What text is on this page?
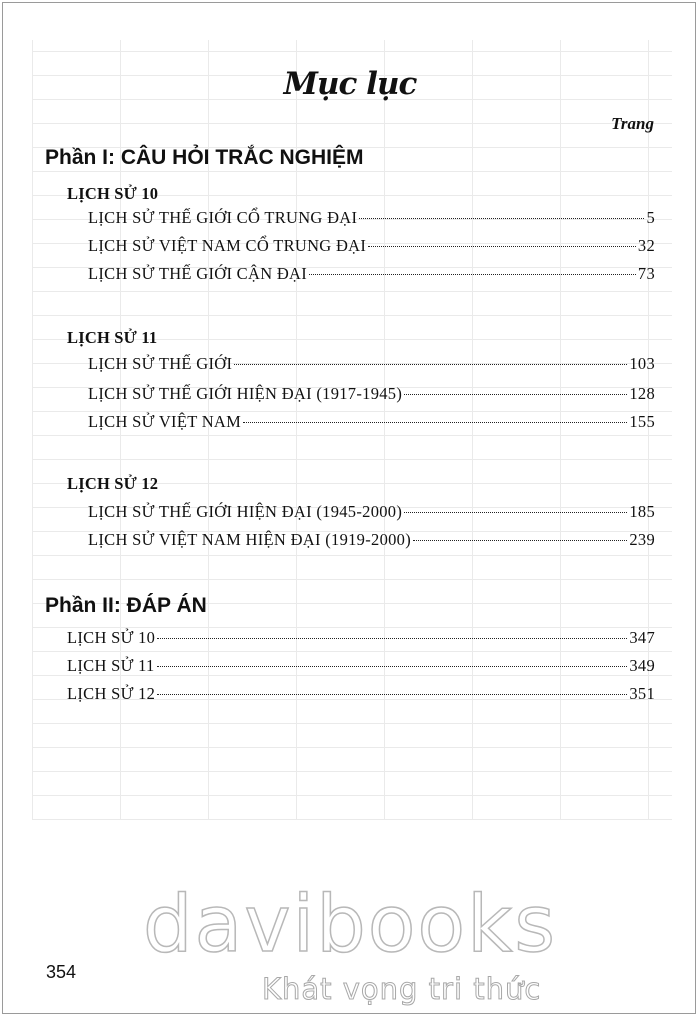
Mục lục
Trang
Phần I: CÂU HỎI TRẮC NGHIỆM
LỊCH SỬ 10
LỊCH SỬ THẾ GIỚI CỔ TRUNG ĐẠI	5
LỊCH SỬ VIỆT NAM CỔ TRUNG ĐẠI	32
LỊCH SỬ THẾ GIỚI CẬN ĐẠI	73
LỊCH SỬ 11
LỊCH SỬ THẾ GIỚI	103
LỊCH SỬ THẾ GIỚI HIỆN ĐẠI (1917-1945)	128
LỊCH SỬ VIỆT NAM	155
LỊCH SỬ 12
LỊCH SỬ THẾ GIỚI HIỆN ĐẠI (1945-2000)	185
LỊCH SỬ VIỆT NAM HIỆN ĐẠI (1919-2000)	239
Phần II: ĐÁP ÁN
LỊCH SỬ 10	347
LỊCH SỬ 11	349
LỊCH SỬ 12	351
davibooks
354	Khát vọng tri thức
